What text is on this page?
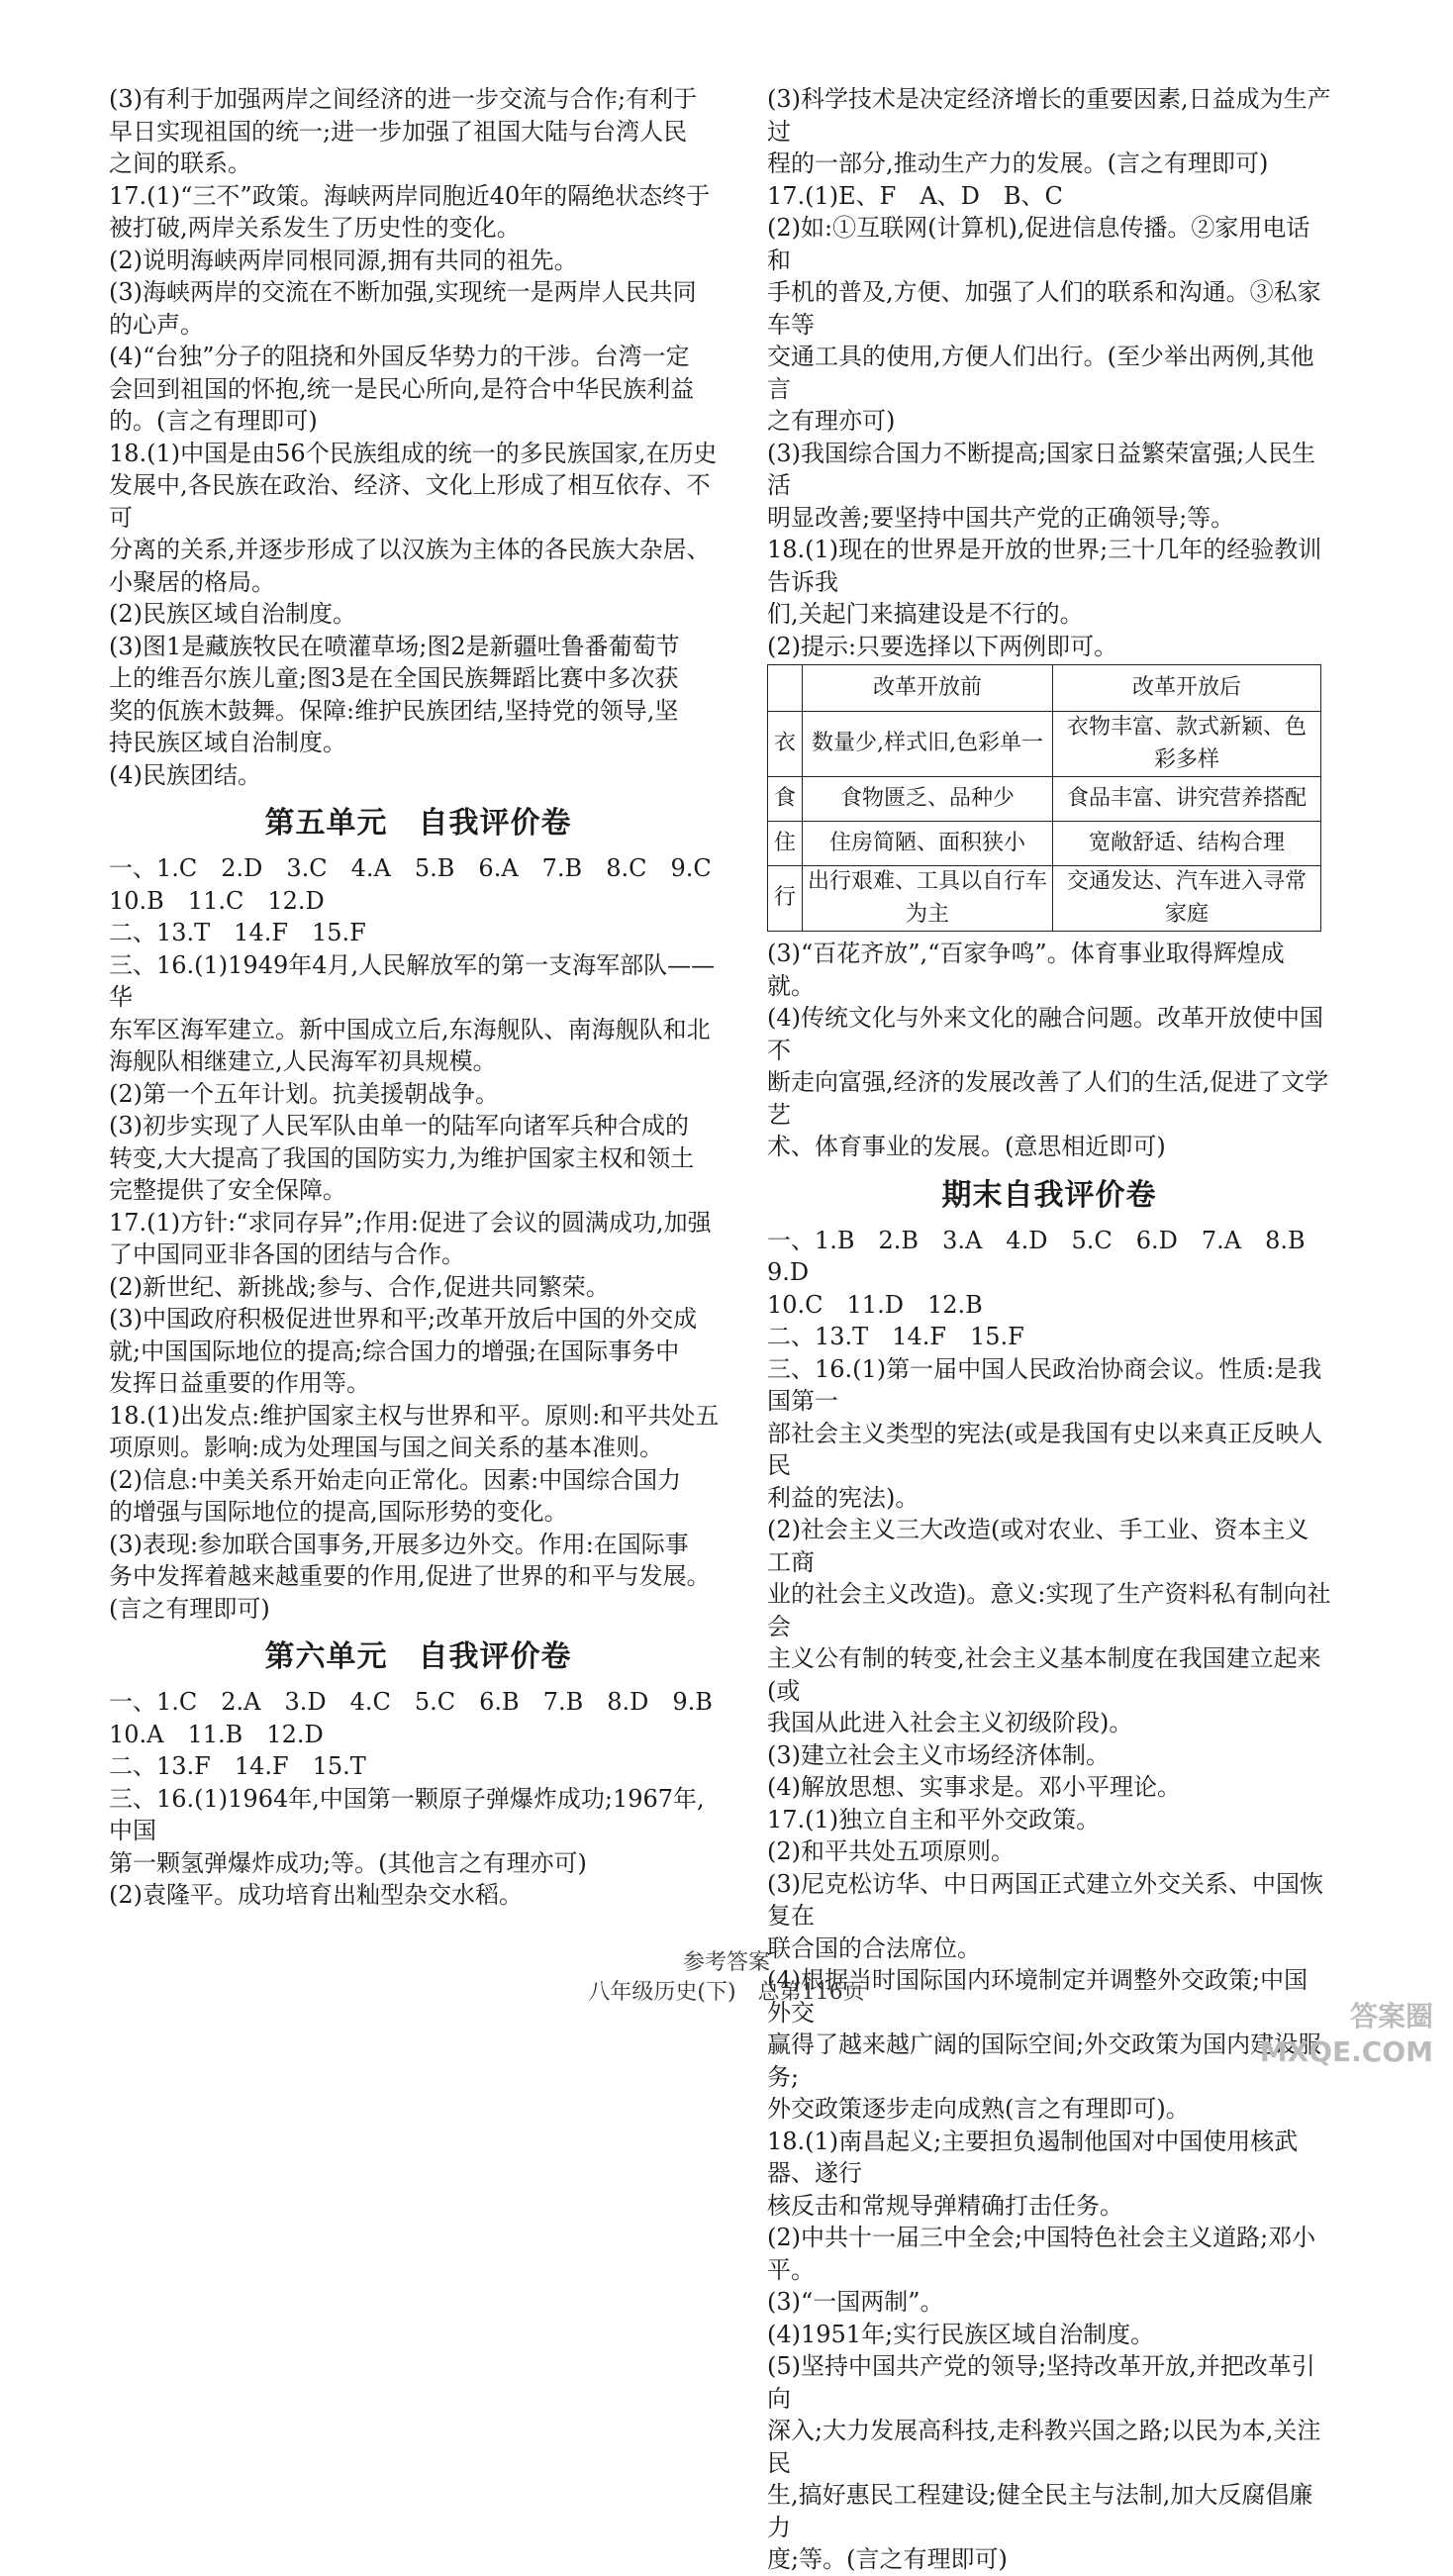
(3)有利于加强两岸之间经济的进一步交流与合作;有利于

早日实现祖国的统一;进一步加强了祖国大陆与台湾人民

之间的联系。

17.(1)“三不”政策。海峡两岸同胞近40年的隔绝状态终于

被打破,两岸关系发生了历史性的变化。

(2)说明海峡两岸同根同源,拥有共同的祖先。

(3)海峡两岸的交流在不断加强,实现统一是两岸人民共同

的心声。

(4)“台独”分子的阻挠和外国反华势力的干涉。台湾一定

会回到祖国的怀抱,统一是民心所向,是符合中华民族利益

的。(言之有理即可)

18.(1)中国是由56个民族组成的统一的多民族国家,在历史

发展中,各民族在政治、经济、文化上形成了相互依存、不可

分离的关系,并逐步形成了以汉族为主体的各民族大杂居、

小聚居的格局。

(2)民族区域自治制度。

(3)图1是藏族牧民在喷灌草场;图2是新疆吐鲁番葡萄节

上的维吾尔族儿童;图3是在全国民族舞蹈比赛中多次获

奖的佤族木鼓舞。保障:维护民族团结,坚持党的领导,坚

持民族区域自治制度。

(4)民族团结。

第五单元　自我评价卷

一、1.C　2.D　3.C　4.A　5.B　6.A　7.B　8.C　9.C

10.B　11.C　12.D

二、13.T　14.F　15.F

三、16.(1)1949年4月,人民解放军的第一支海军部队——华

东军区海军建立。新中国成立后,东海舰队、南海舰队和北

海舰队相继建立,人民海军初具规模。

(2)第一个五年计划。抗美援朝战争。

(3)初步实现了人民军队由单一的陆军向诸军兵种合成的

转变,大大提高了我国的国防实力,为维护国家主权和领土

完整提供了安全保障。

17.(1)方针:“求同存异”;作用:促进了会议的圆满成功,加强

了中国同亚非各国的团结与合作。

(2)新世纪、新挑战;参与、合作,促进共同繁荣。

(3)中国政府积极促进世界和平;改革开放后中国的外交成

就;中国国际地位的提高;综合国力的增强;在国际事务中

发挥日益重要的作用等。

18.(1)出发点:维护国家主权与世界和平。原则:和平共处五

项原则。影响:成为处理国与国之间关系的基本准则。

(2)信息:中美关系开始走向正常化。因素:中国综合国力

的增强与国际地位的提高,国际形势的变化。

(3)表现:参加联合国事务,开展多边外交。作用:在国际事

务中发挥着越来越重要的作用,促进了世界的和平与发展。

(言之有理即可)

第六单元　自我评价卷

一、1.C　2.A　3.D　4.C　5.C　6.B　7.B　8.D　9.B

10.A　11.B　12.D

二、13.F　14.F　15.T

三、16.(1)1964年,中国第一颗原子弹爆炸成功;1967年,中国

第一颗氢弹爆炸成功;等。(其他言之有理亦可)

(2)袁隆平。成功培育出籼型杂交水稻。

(3)科学技术是决定经济增长的重要因素,日益成为生产过

程的一部分,推动生产力的发展。(言之有理即可)

17.(1)E、F　A、D　B、C

(2)如:①互联网(计算机),促进信息传播。②家用电话和

手机的普及,方便、加强了人们的联系和沟通。③私家车等

交通工具的使用,方便人们出行。(至少举出两例,其他言

之有理亦可)

(3)我国综合国力不断提高;国家日益繁荣富强;人民生活

明显改善;要坚持中国共产党的正确领导;等。

18.(1)现在的世界是开放的世界;三十几年的经验教训告诉我

们,关起门来搞建设是不行的。

(2)提示:只要选择以下两例即可。

	改革开放前	改革开放后
衣	数量少,样式旧,色彩单一	衣物丰富、款式新颖、色彩多样
食	食物匮乏、品种少	食品丰富、讲究营养搭配
住	住房简陋、面积狭小	宽敞舒适、结构合理
行	出行艰难、工具以自行车为主	交通发达、汽车进入寻常家庭

(3)“百花齐放”,“百家争鸣”。体育事业取得辉煌成就。

(4)传统文化与外来文化的融合问题。改革开放使中国不

断走向富强,经济的发展改善了人们的生活,促进了文学艺

术、体育事业的发展。(意思相近即可)

期末自我评价卷

一、1.B　2.B　3.A　4.D　5.C　6.D　7.A　8.B　9.D

10.C　11.D　12.B

二、13.T　14.F　15.F

三、16.(1)第一届中国人民政治协商会议。性质:是我国第一

部社会主义类型的宪法(或是我国有史以来真正反映人民

利益的宪法)。

(2)社会主义三大改造(或对农业、手工业、资本主义工商

业的社会主义改造)。意义:实现了生产资料私有制向社会

主义公有制的转变,社会主义基本制度在我国建立起来(或

我国从此进入社会主义初级阶段)。

(3)建立社会主义市场经济体制。

(4)解放思想、实事求是。邓小平理论。

17.(1)独立自主和平外交政策。

(2)和平共处五项原则。

(3)尼克松访华、中日两国正式建立外交关系、中国恢复在

联合国的合法席位。

(4)根据当时国际国内环境制定并调整外交政策;中国外交

赢得了越来越广阔的国际空间;外交政策为国内建设服务;

外交政策逐步走向成熟(言之有理即可)。

18.(1)南昌起义;主要担负遏制他国对中国使用核武器、遂行

核反击和常规导弹精确打击任务。

(2)中共十一届三中全会;中国特色社会主义道路;邓小平。

(3)“一国两制”。

(4)1951年;实行民族区域自治制度。

(5)坚持中国共产党的领导;坚持改革开放,并把改革引向

深入;大力发展高科技,走科教兴国之路;以民为本,关注民

生,搞好惠民工程建设;健全民主与法制,加大反腐倡廉力

度;等。(言之有理即可)

参考答案
八年级历史(下)　总第116页
答案圈
MXQE.COM
